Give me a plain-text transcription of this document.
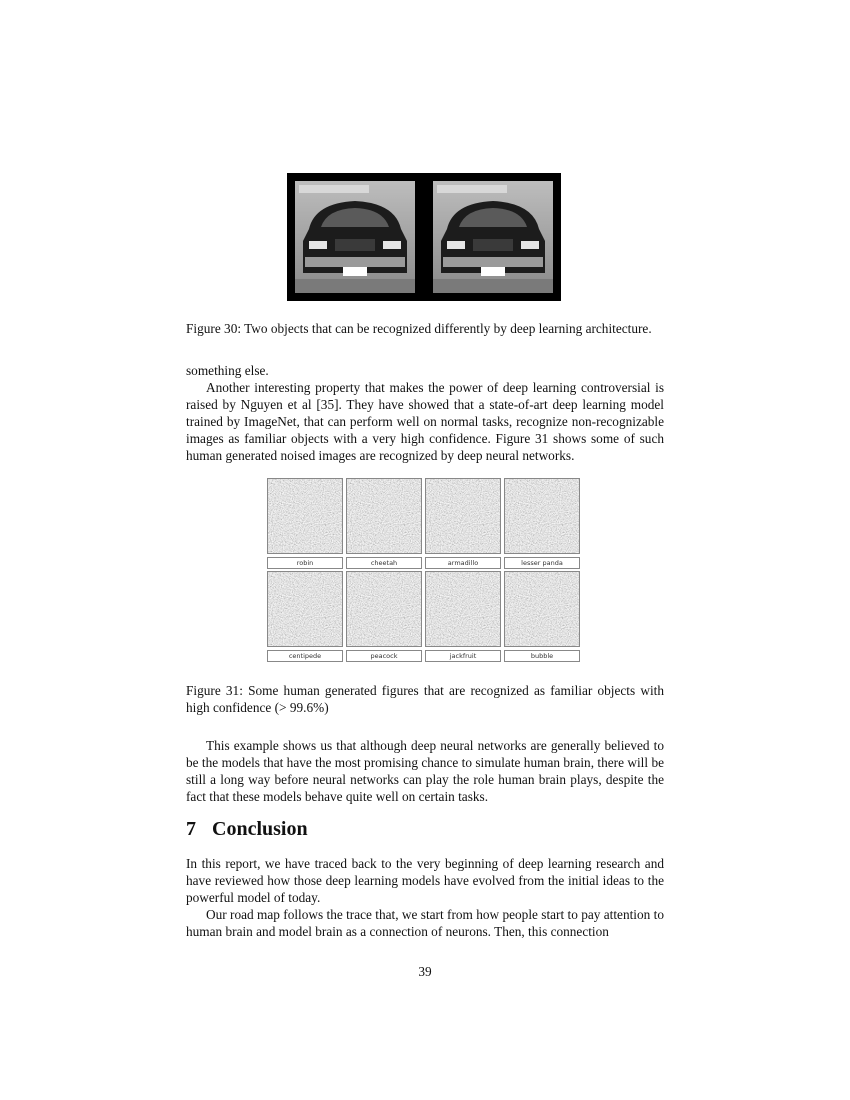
Figure 30: Two objects that can be recognized differently by deep learning architecture.

something else.

Another interesting property that makes the power of deep learning controversial is raised by Nguyen et al [35]. They have showed that a state-of-art deep learning model trained by ImageNet, that can perform well on normal tasks, recognize non-recognizable images as familiar objects with a very high confidence. Figure 31 shows some of such human generated noised images are recognized by deep neural networks.

robin	cheetah	armadillo	lesser panda
centipede	peacock	jackfruit	bubble
Figure 31: Some human generated figures that are recognized as familiar objects with high confidence (> 99.6%)

This example shows us that although deep neural networks are generally believed to be the models that have the most promising chance to simulate human brain, there will be still a long way before neural networks can play the role human brain plays, despite the fact that these models behave quite well on certain tasks.

7 Conclusion

In this report, we have traced back to the very beginning of deep learning research and have reviewed how those deep learning models have evolved from the initial ideas to the powerful model of today.

Our road map follows the trace that, we start from how people start to pay attention to human brain and model brain as a connection of neurons. Then, this connection

39
